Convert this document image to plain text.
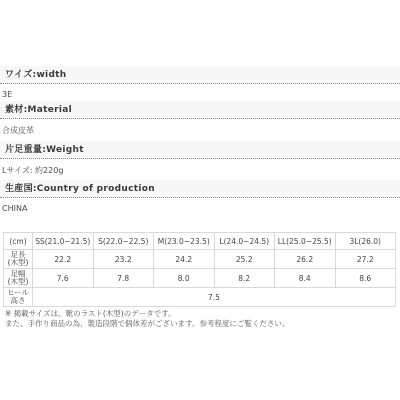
ワイズ:width
3E
素材:Material
合成皮革
片足重量:Weight
Lサイズ: 約220g
生産国:Country of production
CHINA
(cm)	SS(21.0~21.5)	S(22.0~22.5)	M(23.0~23.5)	L(24.0~24.5)	LL(25.0~25.5)	3L(26.0)
足長
(木型)	22.2	23.2	24.2	25.2	26.2	27.2
足幅
(木型)	7.6	7.8	8.0	8.2	8.4	8.6
ヒール
高さ	7.5					
※ 掲載サイズは、靴のラスト(木型)のデータです。
また、手作り商品の為、製造段階で個体差がございます。参考程度にご覧ください。
